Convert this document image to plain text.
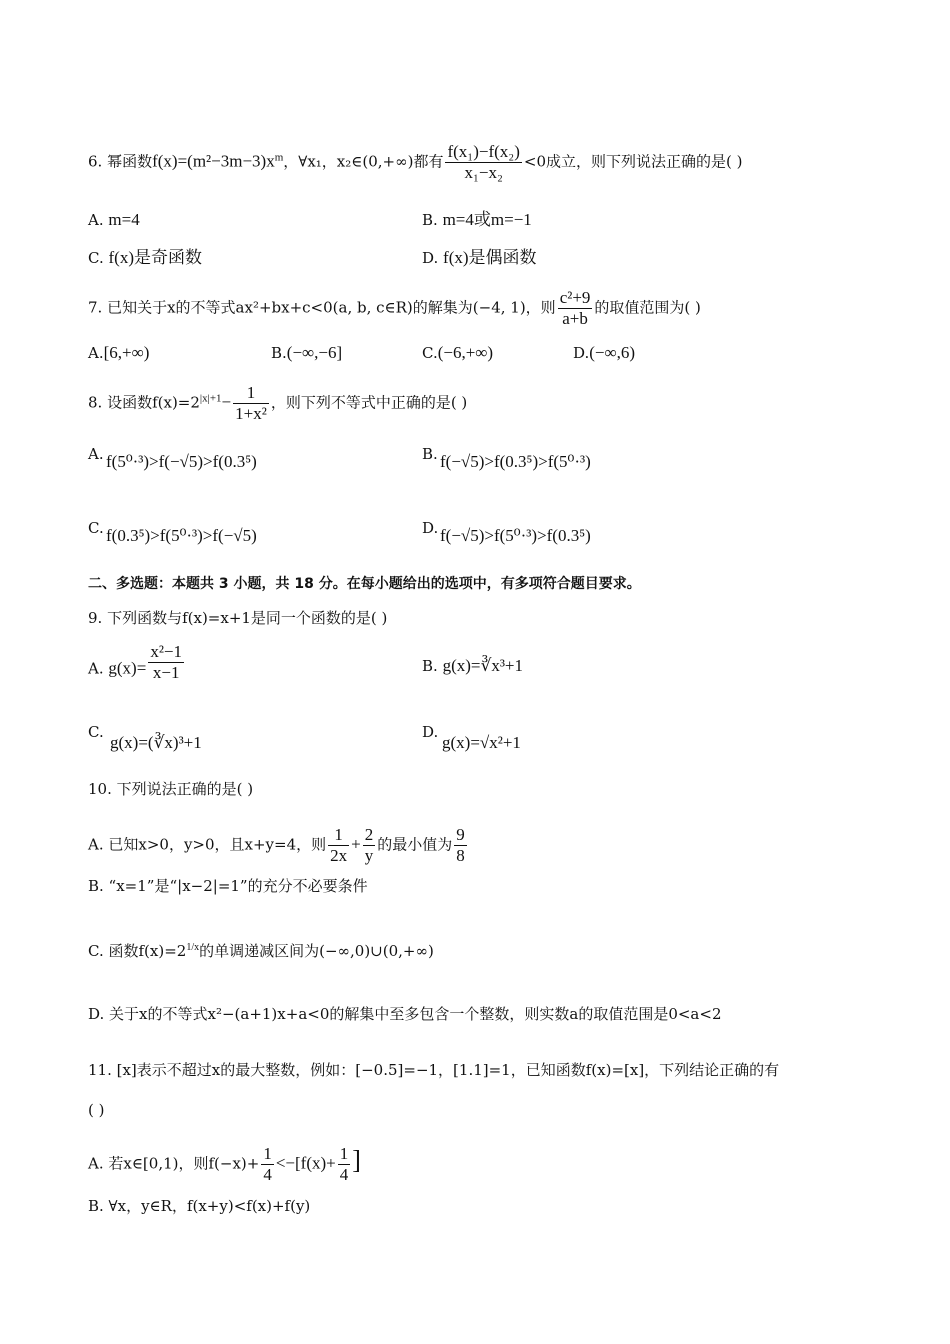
6. 幂函数$f(x)=(m^2-3m-3)x^m$，∀x₁，x₂∈(0,+∞)都有 $\frac{\text{f(x₁)−f(x₂)}}{\text{x₁−x₂}} <0$成立，则下列说法正确的是( )
A. m=4	B. m=4或m=−1
C. f(x)是奇函数	D. f(x)是偶函数
7. 已知关于x的不等式ax²+bx+c<0(a, b, c∈R)的解集为(−4, 1)，则 $\frac{\text{c²+9}}{a+b}$ 的取值范围为( )
A.[6,+∞)	B.(−∞,−6]	C.(−6,+∞)	D.(−∞,6)
8. 设函数$f(x)=2^{|x|+1}- \frac{1}{\text{1+x²}}$ ，则下列不等式中正确的是( )
A. f(5⁰·³)>f(−√5)>f(0.3⁵)	B. f(−√5)>f(0.3⁵)>f(5⁰·³)
C. f(0.3⁵)>f(5⁰·³)>f(−√5)	D. f(−√5)>f(5⁰·³)>f(0.3⁵)
二、多选题：本题共 3 小题，共 18 分。在每小题给出的选项中，有多项符合题目要求。
9. 下列函数与f(x)=x+1是同一个函数的是( )
A. $g(x)= \frac{\text{x²−1}}{x-1}$	B. g(x)=∛x³+1
C.
g(x)=(∛x)³+1
D.
g(x)=√x²+1
10. 下列说法正确的是( )
A. 已知x>0，y>0，且x+y=4，则 $\frac{1}{2x} + \frac{2}{y}$ 的最小值为 $\frac{9}{8}$
B. “x=1”是“|x−2|=1”的充分不必要条件
C. 函数$f(x)=2^{1/x}$的单调递减区间为(−∞,0)∪(0,+∞)
D. 关于x的不等式x²−(a+1)x+a<0的解集中至多包含一个整数，则实数a的取值范围是0<a<2
11. [x]表示不超过x的最大整数，例如：[−0.5]=−1，[1.1]=1，已知函数f(x)=[x]，下列结论正确的有
( )
A. 若x∈[0,1)，则$f(-x)+ \frac{1}{4} <-[f(x)+ \frac{1}{4}$ ]
B. ∀x，y∈R，f(x+y)<f(x)+f(y)
